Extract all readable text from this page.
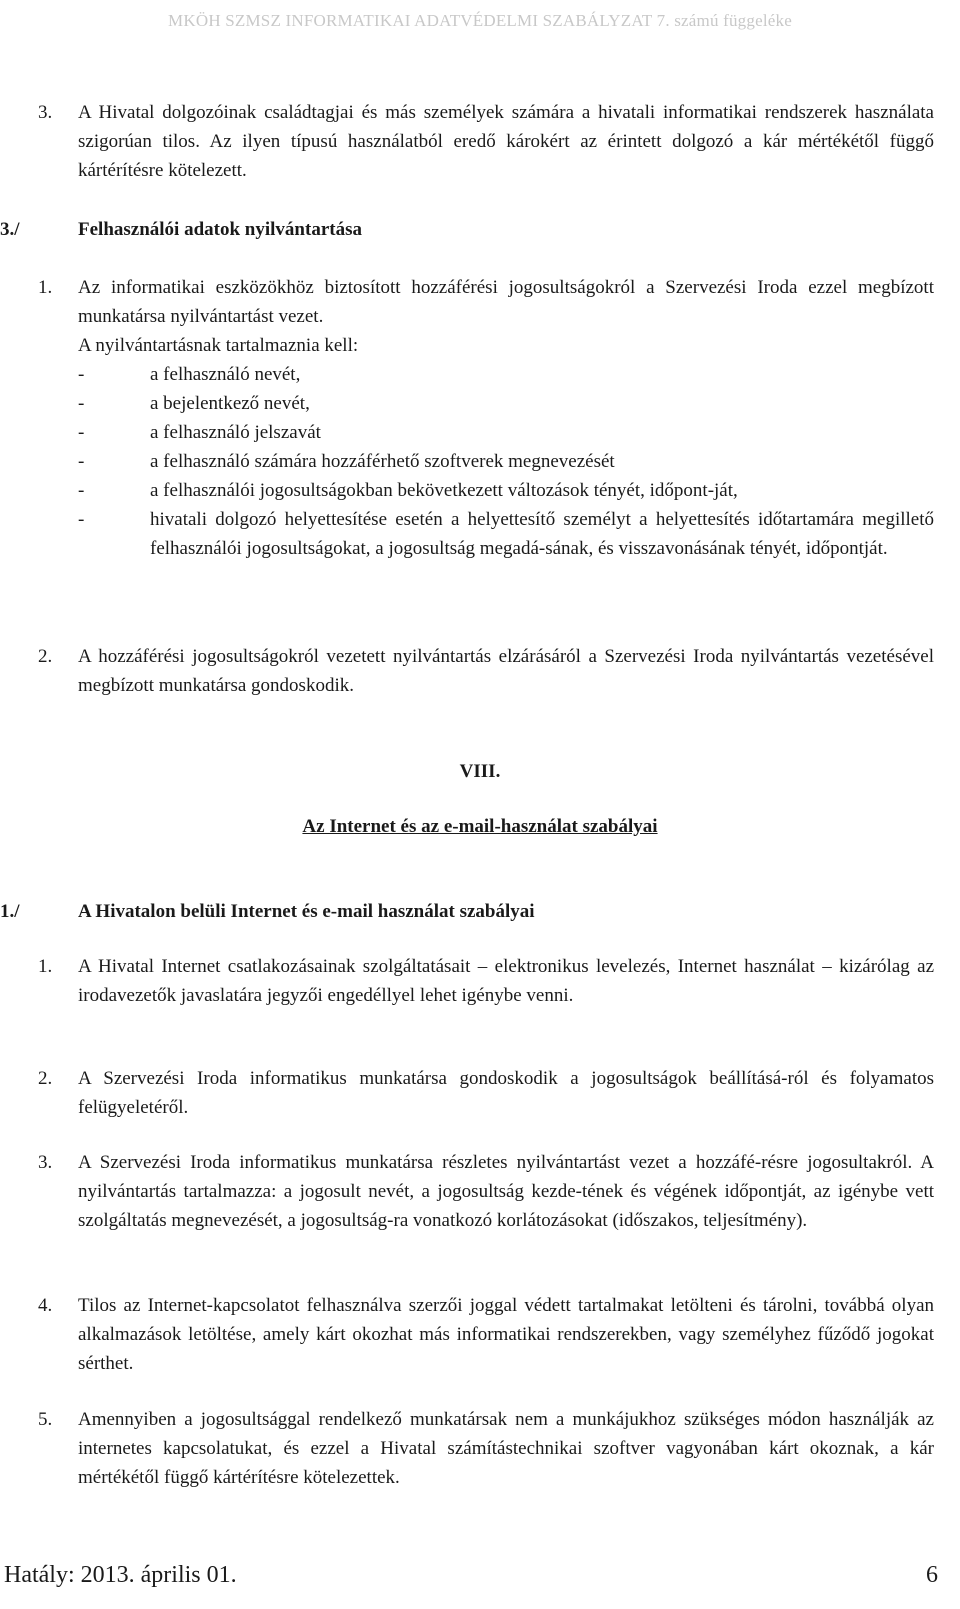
MKÖH SZMSZ INFORMATIKAI ADATVÉDELMI SZABÁLYZAT 7. számú függeléke
3. A Hivatal dolgozóinak családtagjai és más személyek számára a hivatali informatikai rendszerek használata szigorúan tilos. Az ilyen típusú használatból eredő károkért az érintett dolgozó a kár mértékétől függő kártérítésre kötelezett.
3./	Felhasználói adatok nyilvántartása
1. Az informatikai eszközökhöz biztosított hozzáférési jogosultságokról a Szervezési Iroda ezzel megbízott munkatársa nyilvántartást vezet.
A nyilvántartásnak tartalmaznia kell:
-	a felhasználó nevét,
-	a bejelentkező nevét,
-	a felhasználó jelszavát
-	a felhasználó számára hozzáférhető szoftverek megnevezését
-	a felhasználói jogosultságokban bekövetkezett változások tényét, időpont-ját,
-	hivatali dolgozó helyettesítése esetén a helyettesítő személyt a helyettesítés időtartamára megillető felhasználói jogosultságokat, a jogosultság megadá-sának, és visszavonásának tényét, időpontját.
2. A hozzáférési jogosultságokról vezetett nyilvántartás elzárásáról a Szervezési Iroda nyilvántartás vezetésével megbízott munkatársa gondoskodik.
VIII.
Az Internet és az e-mail-használat szabályai
1./	A Hivatalon belüli Internet és e-mail használat szabályai
1. A Hivatal Internet csatlakozásainak szolgáltatásait – elektronikus levelezés, Internet használat – kizárólag az irodavezetők javaslatára jegyzői engedéllyel lehet igénybe venni.
2. A Szervezési Iroda informatikus munkatársa gondoskodik a jogosultságok beállításá-ról és folyamatos felügyeletéről.
3. A Szervezési Iroda informatikus munkatársa részletes nyilvántartást vezet a hozzáfé-résre jogosultakról. A nyilvántartás tartalmazza: a jogosult nevét, a jogosultság kezde-tének és végének időpontját, az igénybe vett szolgáltatás megnevezését, a jogosultság-ra vonatkozó korlátozásokat (időszakos, teljesítmény).
4. Tilos az Internet-kapcsolatot felhasználva szerzői joggal védett tartalmakat letölteni és tárolni, továbbá olyan alkalmazások letöltése, amely kárt okozhat más informatikai rendszerekben, vagy személyhez fűződő jogokat sérthet.
5. Amennyiben a jogosultsággal rendelkező munkatársak nem a munkájukhoz szükséges módon használják az internetes kapcsolatukat, és ezzel a Hivatal számítástechnikai szoftver vagyonában kárt okoznak, a kár mértékétől függő kártérítésre kötelezettek.
Hatály: 2013. április 01.	6
